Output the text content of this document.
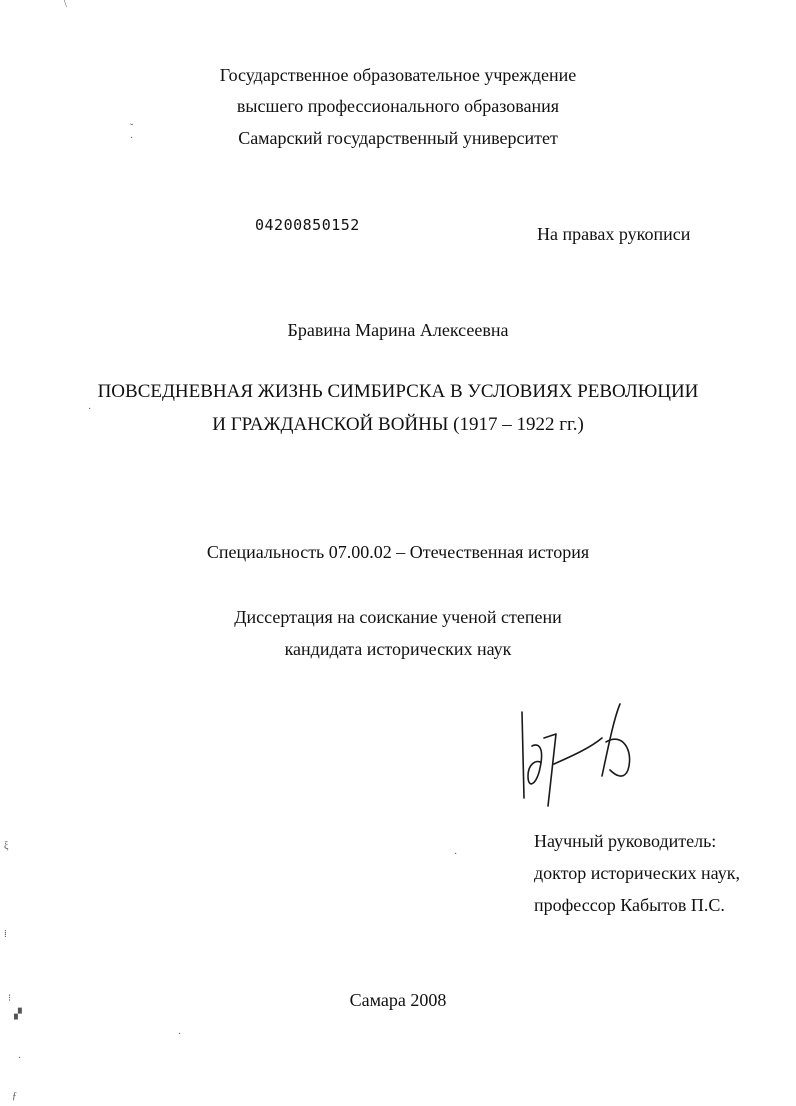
Государственное образовательное учреждение

высшего профессионального образования

Самарский государственный университет

ˇ
·
\

04200850152	На правах рукописи

Бравина Марина Алексеевна

ПОВСЕДНЕВНАЯ ЖИЗНЬ СИМБИРСКА В УСЛОВИЯХ РЕВОЛЮЦИИ

И ГРАЖДАНСКОЙ ВОЙНЫ (1917 – 1922 гг.)

·

Специальность 07.00.02 – Отечественная история

Диссертация на соискание ученой степени

кандидата исторических наук

Научный руководитель:

доктор исторических наук,

профессор Кабытов П.С.

·
ξ
⁞
⁝
▞
·
ƒ
·

Самара 2008
